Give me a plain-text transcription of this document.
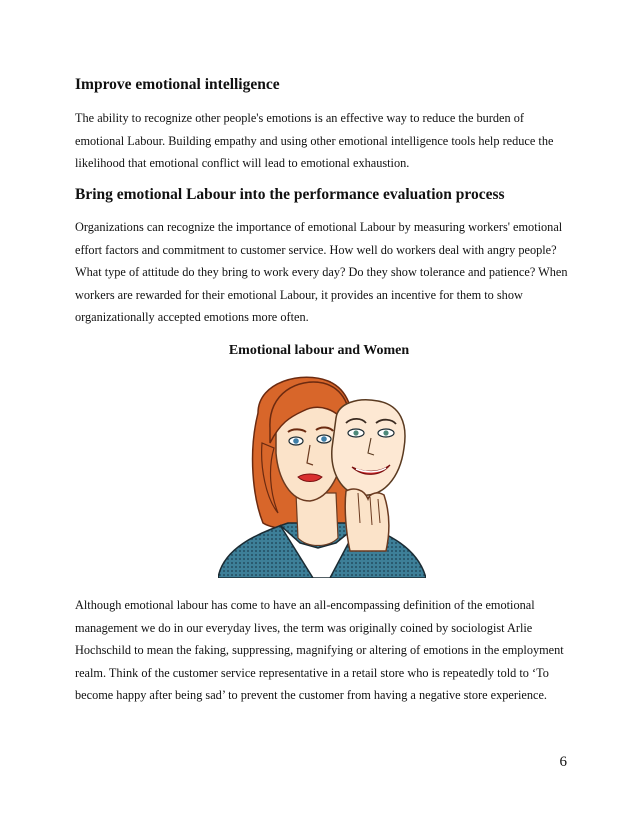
Improve emotional intelligence

The ability to recognize other people's emotions is an effective way to reduce the burden of emotional Labour. Building empathy and using other emotional intelligence tools help reduce the likelihood that emotional conflict will lead to emotional exhaustion.

Bring emotional Labour into the performance evaluation process

Organizations can recognize the importance of emotional Labour by measuring workers' emotional effort factors and commitment to customer service. How well do workers deal with angry people? What type of attitude do they bring to work every day? Do they show tolerance and patience? When workers are rewarded for their emotional Labour, it provides an incentive for them to show organizationally accepted emotions more often.

Emotional labour and Women

Although emotional labour has come to have an all-encompassing definition of the emotional management we do in our everyday lives, the term was originally coined by sociologist Arlie Hochschild to mean the faking, suppressing, magnifying or altering of emotions in the employment realm. Think of the customer service representative in a retail store who is repeatedly told to ‘To become happy after being sad’ to prevent the customer from having a negative store experience.

6
